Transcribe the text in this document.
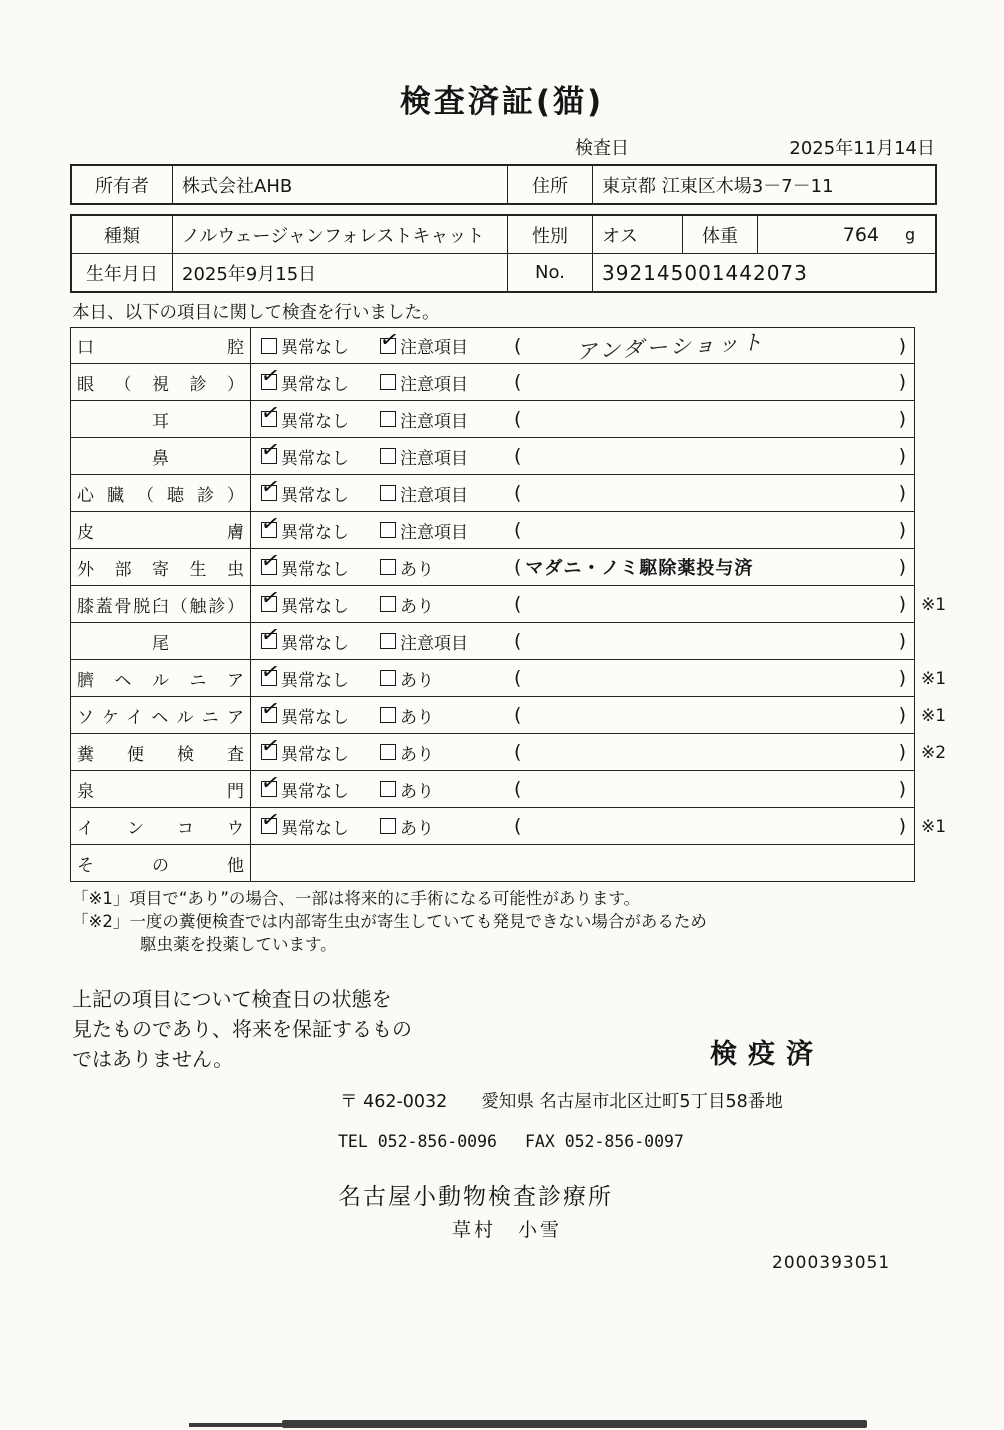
検査済証(猫)
検査日	2025年11月14日
所有者	株式会社AHB	住所	東京都 江東区木場3－7－11
種類	ノルウェージャンフォレストキャット	性別	オス	体重	764	g
生年月日	2025年9月15日	No.	392145001442073
本日、以下の項目に関して検査を行いました。
口腔 異常なし ✓ 注意項目 (	アンダーショット	)
眼（視診） ✓ 異常なし	注意項目 (	)
耳	✓ 異常なし	注意項目 (	)
鼻	✓ 異常なし	注意項目 (	)
心臓（聴診） ✓ 異常なし	注意項目 (	)
皮膚 ✓ 異常なし	注意項目 (	)
外部寄生虫 ✓ 異常なし	あり	( マダニ・ノミ駆除薬投与済	)
膝蓋骨脱臼（触診） ✓ 異常なし	あり	(	) ※1
尾	✓ 異常なし	注意項目 (	)
臍ヘルニア ✓ 異常なし	あり	(	) ※1
ソケイヘルニア ✓ 異常なし	あり	(	) ※1
糞便検査 ✓ 異常なし	あり	(	) ※2
泉門 ✓ 異常なし	あり	(	)
インコウ ✓ 異常なし	あり	(	) ※1
その他
「※1」項目で“あり”の場合、一部は将来的に手術になる可能性があります。
「※2」一度の糞便検査では内部寄生虫が寄生していても発見できない場合があるため
駆虫薬を投薬しています。
上記の項目について検査日の状態を
見たものであり、将来を保証するもの
ではありません。	検疫済
〒 462-0032 愛知県 名古屋市北区辻町5丁目58番地
TEL 052-856-0096 FAX 052-856-0097
名古屋小動物検査診療所
草村　小雪
2000393051
